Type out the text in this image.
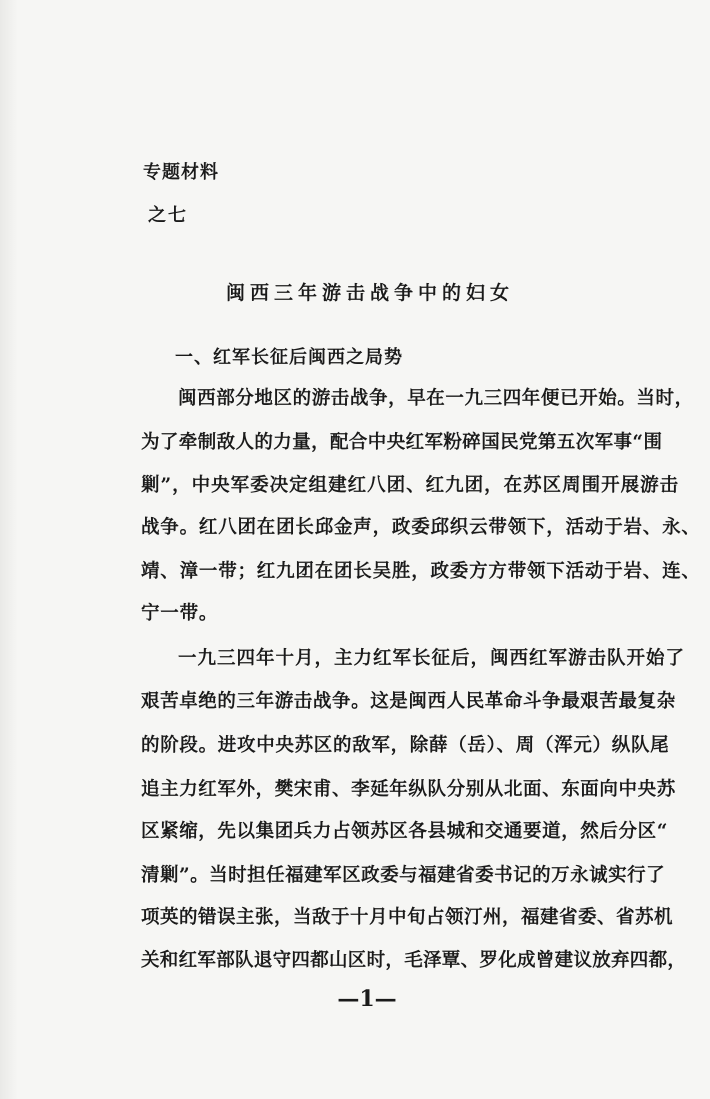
专题材料
之七
闽西三年游击战争中的妇女
一、红军长征后闽西之局势
闽西部分地区的游击战争，早在一九三四年便已开始。当时，
为了牵制敌人的力量，配合中央红军粉碎国民党第五次军事“围
剿”，中央军委决定组建红八团、红九团，在苏区周围开展游击
战争。红八团在团长邱金声，政委邱织云带领下，活动于岩、永、
靖、漳一带；红九团在团长吴胜，政委方方带领下活动于岩、连、
宁一带。
一九三四年十月，主力红军长征后，闽西红军游击队开始了
艰苦卓绝的三年游击战争。这是闽西人民革命斗争最艰苦最复杂
的阶段。进攻中央苏区的敌军，除薛（岳）、周（浑元）纵队尾
追主力红军外，樊宋甫、李延年纵队分别从北面、东面向中央苏
区紧缩，先以集团兵力占领苏区各县城和交通要道，然后分区“
清剿”。当时担任福建军区政委与福建省委书记的万永诚实行了
项英的错误主张，当敌于十月中旬占领汀州，福建省委、省苏机
关和红军部队退守四都山区时，毛泽覃、罗化成曾建议放弃四都，
—1—
